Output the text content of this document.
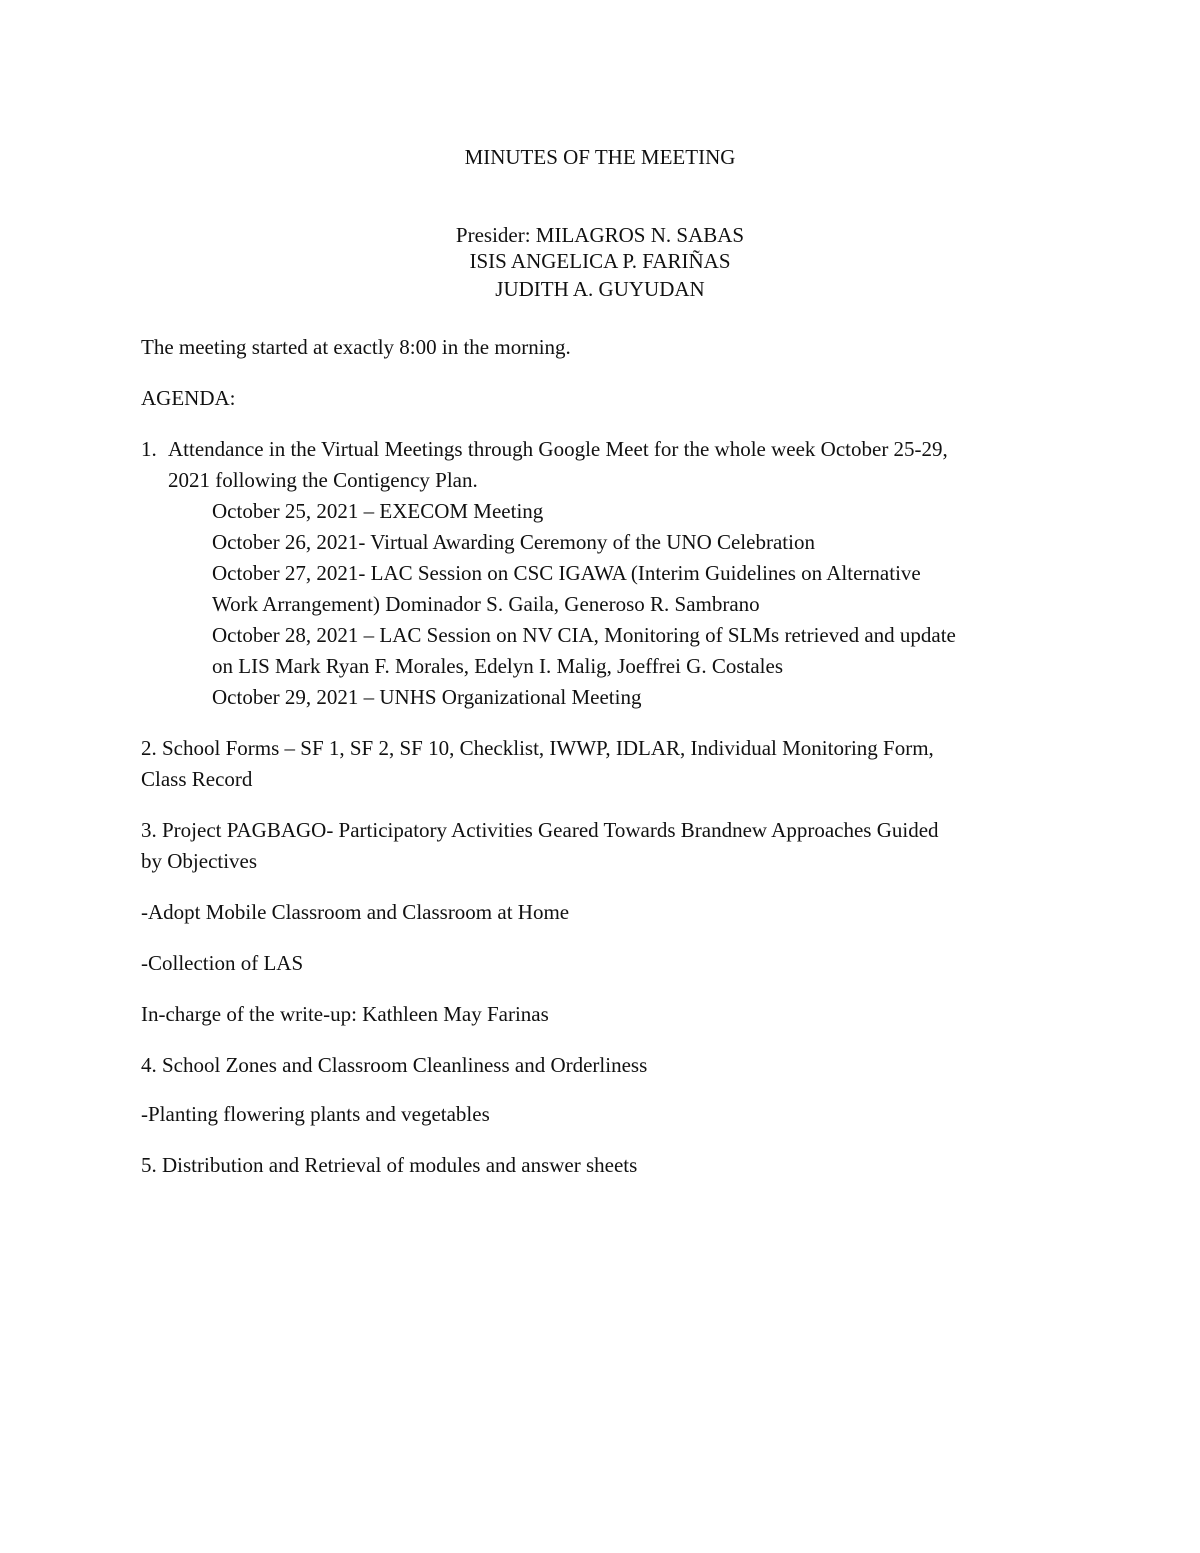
MINUTES OF THE MEETING
Presider: MILAGROS N. SABAS
ISIS ANGELICA P. FARIÑAS
JUDITH A. GUYUDAN
The meeting started at exactly 8:00 in the morning.
AGENDA:
1. Attendance in the Virtual Meetings through Google Meet for the whole week October 25-29,
2021 following the Contigency Plan.
October 25, 2021 – EXECOM Meeting
October 26, 2021- Virtual Awarding Ceremony of the UNO Celebration
October 27, 2021- LAC Session on CSC IGAWA (Interim Guidelines on Alternative
Work Arrangement) Dominador S. Gaila, Generoso R. Sambrano
October 28, 2021 – LAC Session on NV CIA, Monitoring of SLMs retrieved and update
on LIS Mark Ryan F. Morales, Edelyn I. Malig, Joeffrei G. Costales
October 29, 2021 – UNHS Organizational Meeting
2. School Forms – SF 1, SF 2, SF 10, Checklist, IWWP, IDLAR, Individual Monitoring Form,
Class Record
3. Project PAGBAGO- Participatory Activities Geared Towards Brandnew Approaches Guided
by Objectives
-Adopt Mobile Classroom and Classroom at Home
-Collection of LAS
In-charge of the write-up: Kathleen May Farinas
4. School Zones and Classroom Cleanliness and Orderliness
-Planting flowering plants and vegetables
5. Distribution and Retrieval of modules and answer sheets
